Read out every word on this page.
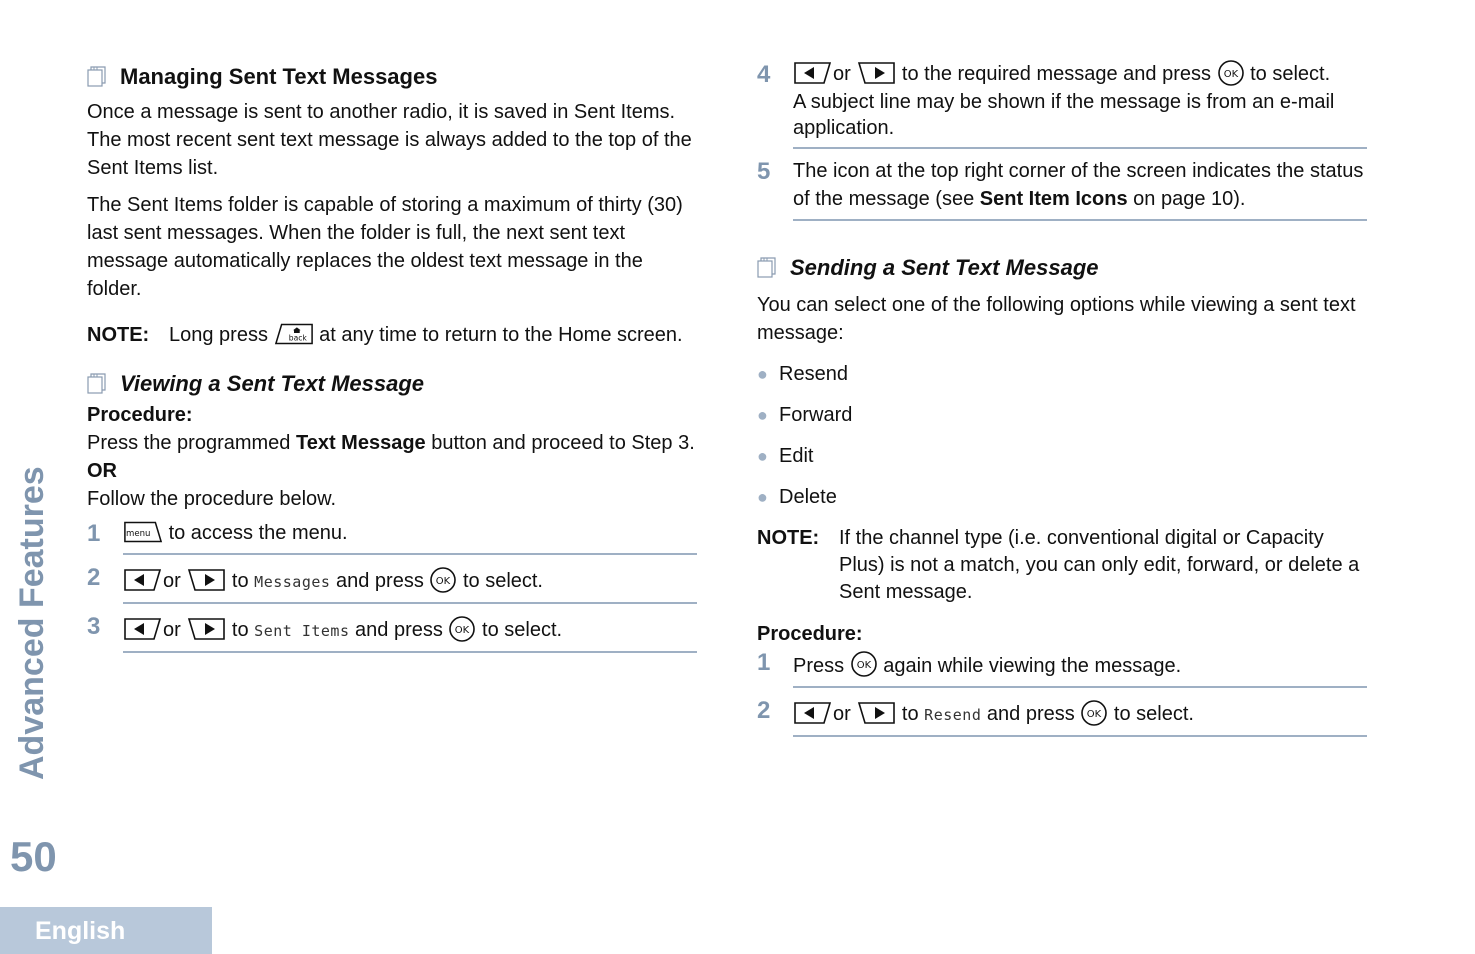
Managing Sent Text Messages

Once a message is sent to another radio, it is saved in Sent Items. The most recent sent text message is always added to the top of the Sent Items list.

The Sent Items folder is capable of storing a maximum of thirty (30) last sent messages. When the folder is full, the next sent text message automatically replaces the oldest text message in the folder.

NOTE: Long press	at any time to return to the Home screen.
Viewing a Sent Text Message

Procedure:

Press the programmed Text Message button and proceed to Step 3.

OR

Follow the procedure below.

1	to access the menu.
2	or	to Messages and press to select.
3	or	to Sent Items and press to select.
4	or	to the required message and press to select.

A subject line may be shown if the message is from an e-mail application.

5	The icon at the top right corner of the screen indicates the status of the message (see Sent Item Icons on page 10).
Sending a Sent Text Message

You can select one of the following options while viewing a sent text message:

● Resend
● Forward
● Edit
● Delete
NOTE: If the channel type (i.e. conventional digital or Capacity Plus) is not a match, you can only edit, forward, or delete a Sent message.

Procedure:

1	Press again while viewing the message.
2	or	to Resend and press to select.
Advanced Features
50
English
